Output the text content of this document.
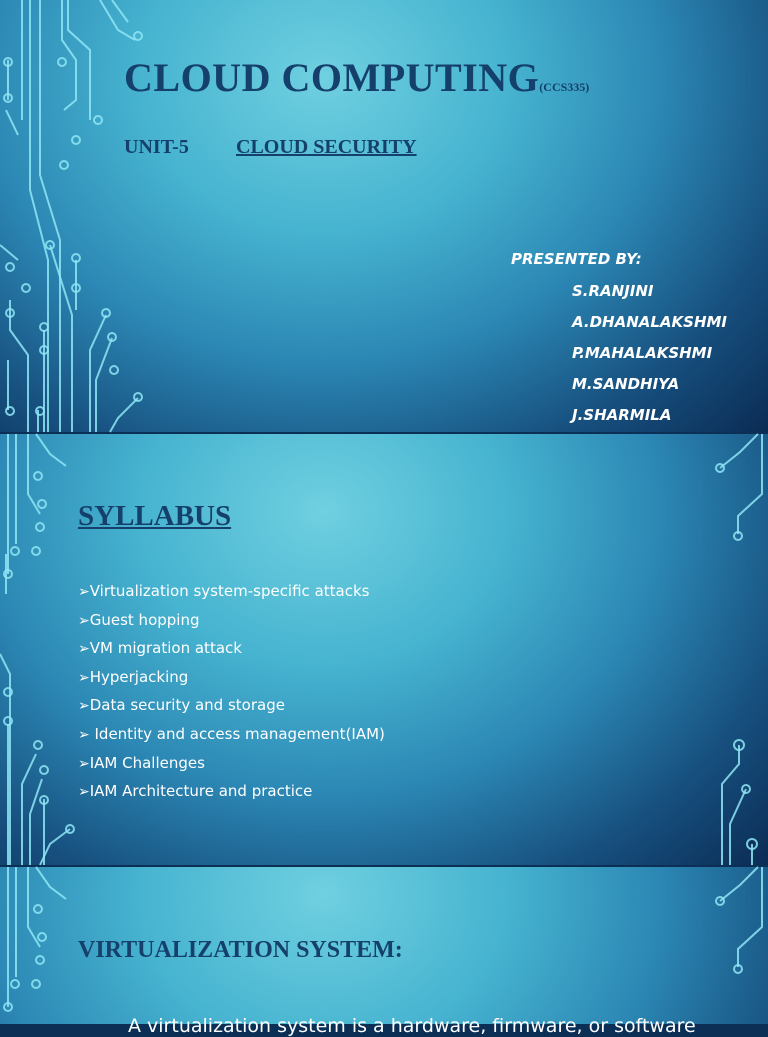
CLOUD COMPUTING(CCS335)
UNIT-5 CLOUD SECURITY
PRESENTED BY:
S.RANJINI
A.DHANALAKSHMI
P.MAHALAKSHMI
M.SANDHIYA
J.SHARMILA
SYLLABUS
➢Virtualization system-specific attacks
➢Guest hopping
➢VM migration attack
➢Hyperjacking
➢Data security and storage
➢ Identity and access management(IAM)
➢IAM Challenges
➢IAM Architecture and practice
VIRTUALIZATION SYSTEM:
A virtualization system is a hardware, firmware, or software
